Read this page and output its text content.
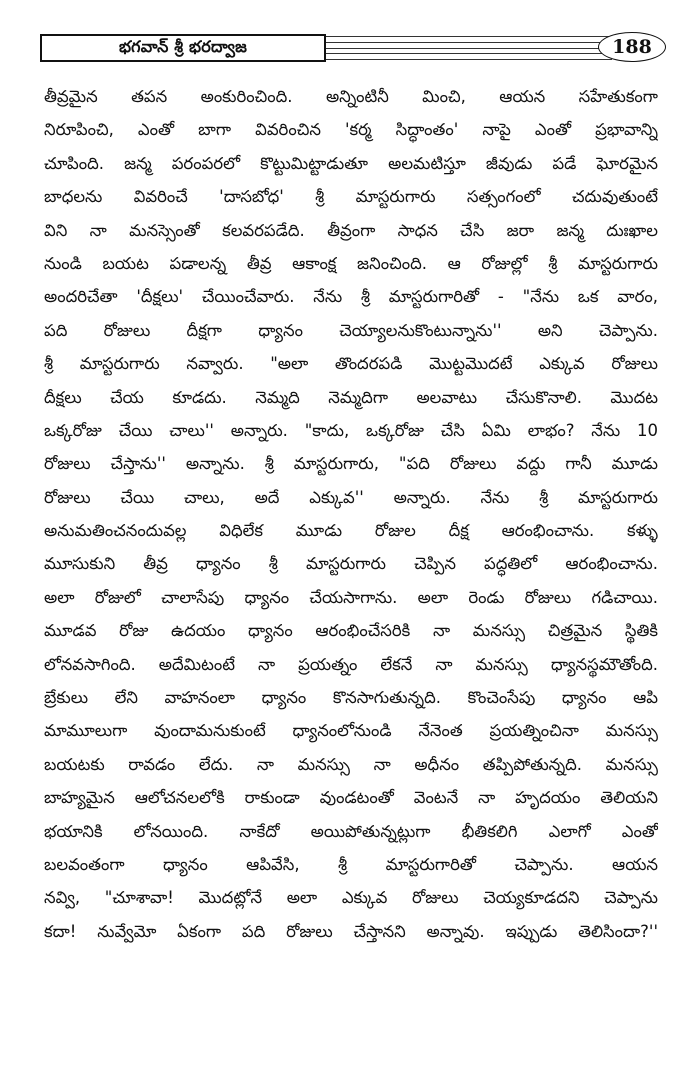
భగవాన్ శ్రీ భరద్వాజ	188
తీవ్రమైన తపన అంకురించింది. అన్నింటినీ మించి, ఆయన సహేతుకంగా
నిరూపించి, ఎంతో బాగా వివరించిన 'కర్మ సిద్ధాంతం' నాపై ఎంతో ప్రభావాన్ని
చూపింది. జన్మ పరంపరలో కొట్టుమిట్టాడుతూ అలమటిస్తూ జీవుడు పడే ఘోరమైన
బాధలను వివరించే 'దాసబోధ' శ్రీ మాస్టరుగారు సత్సంగంలో చదువుతుంటే
విని నా మనస్సెంతో కలవరపడేది. తీవ్రంగా సాధన చేసి జరా జన్మ దుఃఖాల
నుండి బయట పడాలన్న తీవ్ర ఆకాంక్ష జనించింది. ఆ రోజుల్లో శ్రీ మాస్టరుగారు
అందరిచేతా 'దీక్షలు' చేయించేవారు. నేను శ్రీ మాస్టరుగారితో - "నేను ఒక వారం,
పది రోజులు దీక్షగా ధ్యానం చెయ్యాలనుకొంటున్నాను'' అని చెప్పాను.
శ్రీ మాస్టరుగారు నవ్వారు. "అలా తొందరపడి మొట్టమొదటే ఎక్కువ రోజులు
దీక్షలు చేయ కూడదు. నెమ్మది నెమ్మదిగా అలవాటు చేసుకొనాలి. మొదట
ఒక్కరోజు చేయి చాలు'' అన్నారు. "కాదు, ఒక్కరోజు చేసి ఏమి లాభం? నేను 10
రోజులు చేస్తాను'' అన్నాను. శ్రీ మాస్టరుగారు, "పది రోజులు వద్దు గానీ మూడు
రోజులు చేయి చాలు, అదే ఎక్కువ'' అన్నారు. నేను శ్రీ మాస్టరుగారు
అనుమతించనందువల్ల విధిలేక మూడు రోజుల దీక్ష ఆరంభించాను. కళ్ళు
మూసుకుని తీవ్ర ధ్యానం శ్రీ మాస్టరుగారు చెప్పిన పద్ధతిలో ఆరంభించాను.
అలా రోజులో చాలాసేపు ధ్యానం చేయసాగాను. అలా రెండు రోజులు గడిచాయి.
మూడవ రోజు ఉదయం ధ్యానం ఆరంభించేసరికి నా మనస్సు చిత్రమైన స్థితికి
లోనవసాగింది. అదేమిటంటే నా ప్రయత్నం లేకనే నా మనస్సు ధ్యానస్థమౌతోంది.
బ్రేకులు లేని వాహనంలా ధ్యానం కొనసాగుతున్నది. కొంచెంసేపు ధ్యానం ఆపి
మామూలుగా వుందామనుకుంటే ధ్యానంలోనుండి నేనెంత ప్రయత్నించినా మనస్సు
బయటకు రావడం లేదు. నా మనస్సు నా అధీనం తప్పిపోతున్నది. మనస్సు
బాహ్యమైన ఆలోచనలలోకి రాకుండా వుండటంతో వెంటనే నా హృదయం తెలియని
భయానికి లోనయింది. నాకేదో అయిపోతున్నట్లుగా భీతికలిగి ఎలాగో ఎంతో
బలవంతంగా ధ్యానం ఆపివేసి, శ్రీ మాస్టరుగారితో చెప్పాను. ఆయన
నవ్వి, "చూశావా! మొదట్లోనే అలా ఎక్కువ రోజులు చెయ్యకూడదని చెప్పాను
కదా! నువ్వేమో ఏకంగా పది రోజులు చేస్తానని అన్నావు. ఇప్పుడు తెలిసిందా?''
